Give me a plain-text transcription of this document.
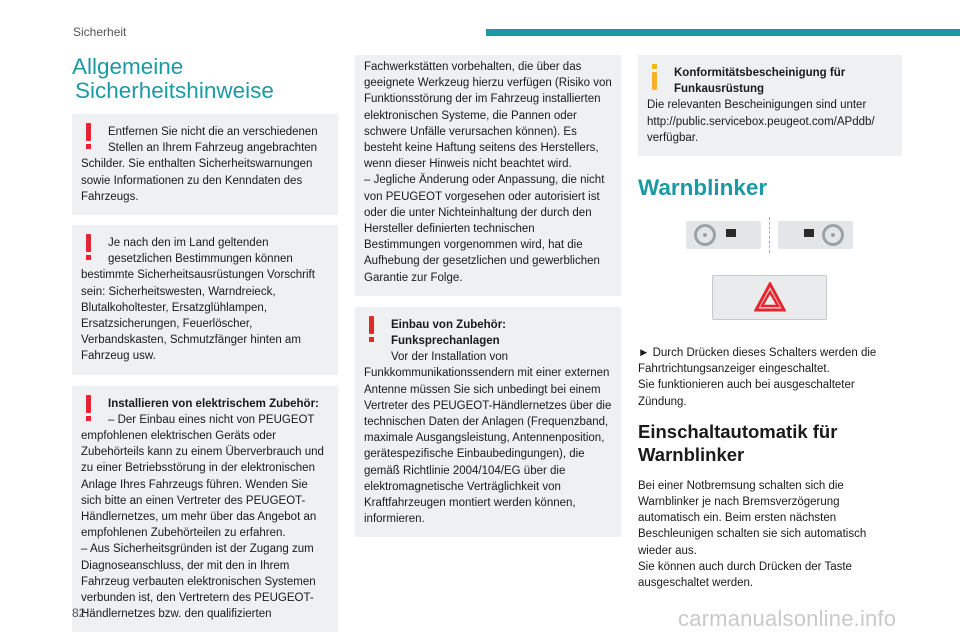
Sicherheit
Allgemeine
Sicherheitshinweise

Entfernen Sie nicht die an verschiedenen Stellen an Ihrem Fahrzeug angebrachten

Schilder. Sie enthalten Sicherheitswarnungen sowie Informationen zu den Kenndaten des Fahrzeugs.

Je nach den im Land geltenden gesetzlichen Bestimmungen können

bestimmte Sicherheitsausrüstungen Vorschrift sein: Sicherheitswesten, Warndreieck, Blutalkoholtester, Ersatzglühlampen, Ersatzsicherungen, Feuerlöscher, Verbandskasten, Schmutzfänger hinten am Fahrzeug usw.

Installieren von elektrischem Zubehör:

– Der Einbau eines nicht von PEUGEOT

empfohlenen elektrischen Geräts oder Zubehörteils kann zu einem Überverbrauch und zu einer Betriebsstörung in der elektronischen Anlage Ihres Fahrzeugs führen. Wenden Sie sich bitte an einen Vertreter des PEUGEOT-Händlernetzes, um mehr über das Angebot an empfohlenen Zubehörteilen zu erfahren.

– Aus Sicherheitsgründen ist der Zugang zum Diagnoseanschluss, der mit den in Ihrem Fahrzeug verbauten elektronischen Systemen verbunden ist, den Vertretern des PEUGEOT-Händlernetzes bzw. den qualifizierten

Fachwerkstätten vorbehalten, die über das geeignete Werkzeug hierzu verfügen (Risiko von Funktionsstörung der im Fahrzeug installierten elektronischen Systeme, die Pannen oder schwere Unfälle verursachen können). Es besteht keine Haftung seitens des Herstellers, wenn dieser Hinweis nicht beachtet wird.

– Jegliche Änderung oder Anpassung, die nicht von PEUGEOT vorgesehen oder autorisiert ist oder die unter Nichteinhaltung der durch den Hersteller definierten technischen Bestimmungen vorgenommen wird, hat die Aufhebung der gesetzlichen und gewerblichen Garantie zur Folge.

Einbau von Zubehör: Funksprechanlagen

Vor der Installation von

Funkkommunikationssendern mit einer externen Antenne müssen Sie sich unbedingt bei einem Vertreter des PEUGEOT-Händlernetzes über die technischen Daten der Anlagen (Frequenzband, maximale Ausgangsleistung, Antennenposition, gerätespezifische Einbaubedingungen), die gemäß Richtlinie 2004/104/EG über die elektromagnetische Verträglichkeit von Kraftfahrzeugen montiert werden können, informieren.

Konformitätsbescheinigung für Funkausrüstung

Die relevanten Bescheinigungen sind unter http://public.servicebox.peugeot.com/APddb/ verfügbar.

Warnblinker

► Durch Drücken dieses Schalters werden die Fahrtrichtungsanzeiger eingeschaltet.

Sie funktionieren auch bei ausgeschalteter Zündung.

Einschaltautomatik für Warnblinker

Bei einer Notbremsung schalten sich die Warnblinker je nach Bremsverzögerung automatisch ein. Beim ersten nächsten Beschleunigen schalten sie sich automatisch wieder aus.

Sie können auch durch Drücken der Taste ausgeschaltet werden.

82	carmanualsonline.info
